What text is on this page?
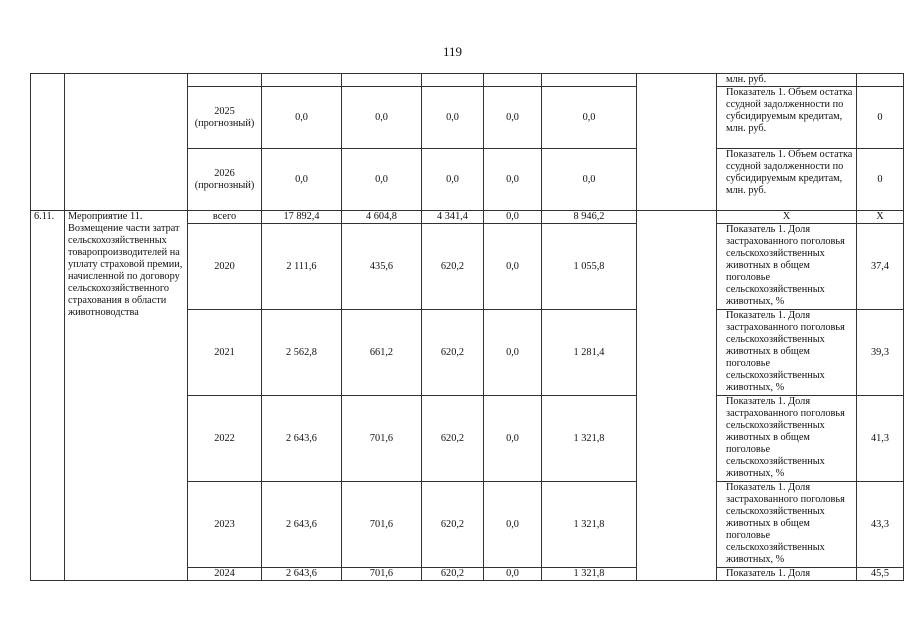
119
									млн. руб.	
		2025 (прогнозный)	0,0	0,0	0,0	0,0	0,0		Показатель 1. Объем остатка ссудной задолженности по субсидируемым кредитам, млн. руб.	0
		2026 (прогнозный)	0,0	0,0	0,0	0,0	0,0		Показатель 1. Объем остатка ссудной задолженности по субсидируемым кредитам, млн. руб.	0
6.11.	Мероприятие 11. Возмещение части затрат сельскохозяйственных товаропроизводителей на уплату страховой премии, начисленной по договору сельскохозяйственного страхования в области животноводства	всего	17 892,4	4 604,8	4 341,4	0,0	8 946,2		Х	Х
		2020	2 111,6	435,6	620,2	0,0	1 055,8		Показатель 1. Доля застрахованного поголовья сельскохозяйственных животных в общем поголовье сельскохозяйственных животных, %	37,4
		2021	2 562,8	661,2	620,2	0,0	1 281,4		Показатель 1. Доля застрахованного поголовья сельскохозяйственных животных в общем поголовье сельскохозяйственных животных, %	39,3
		2022	2 643,6	701,6	620,2	0,0	1 321,8		Показатель 1. Доля застрахованного поголовья сельскохозяйственных животных в общем поголовье сельскохозяйственных животных, %	41,3
		2023	2 643,6	701,6	620,2	0,0	1 321,8		Показатель 1. Доля застрахованного поголовья сельскохозяйственных животных в общем поголовье сельскохозяйственных животных, %	43,3
		2024	2 643,6	701,6	620,2	0,0	1 321,8		Показатель 1. Доля	45,5
